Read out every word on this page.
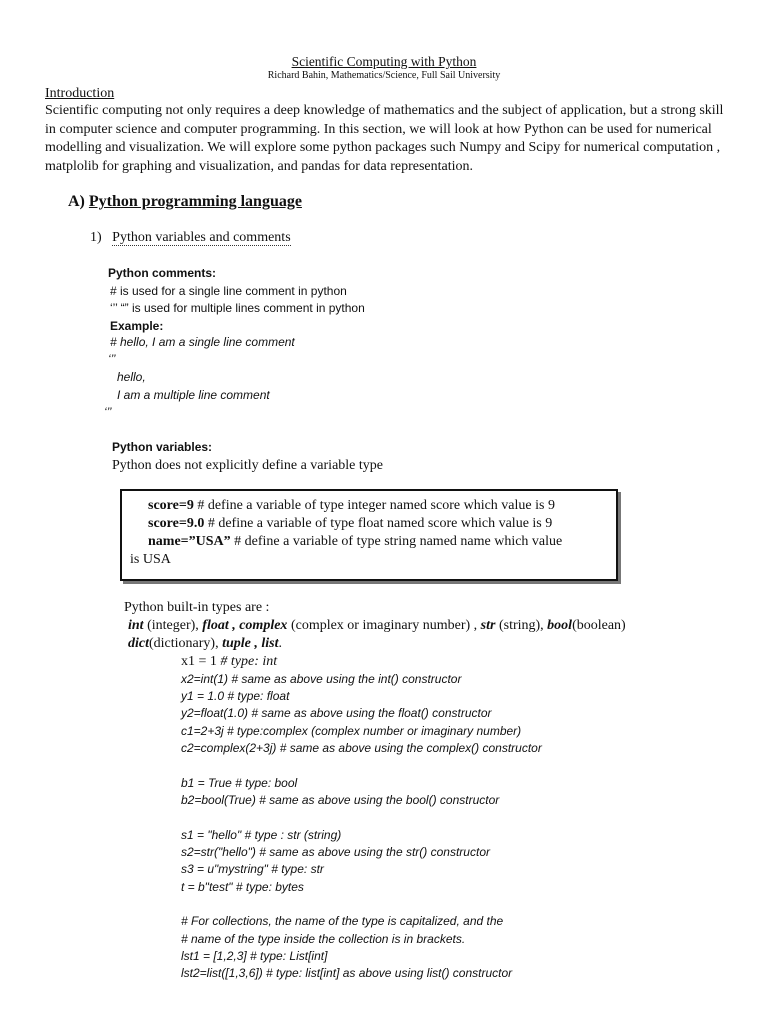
Scientific Computing with Python
Richard Bahin, Mathematics/Science, Full Sail University
Introduction
Scientific computing not only requires a deep knowledge of mathematics and the subject of application, but a strong skill in computer science and computer programming. In this section, we will look at how Python can be used for numerical modelling and visualization. We will explore some python packages such Numpy and Scipy for numerical computation , matplolib for graphing and visualization, and pandas for data representation.
A) Python programming language
1) Python variables and comments
Python comments:
# is used for a single line comment in python
‘’’ “” is used for multiple lines comment in python
Example:
# hello, I am a single line comment
‘’’
hello,
I am a multiple line comment
‘’’
Python variables:
Python does not explicitly define a variable type
score=9 # define a variable of type integer named score which value is 9
score=9.0 # define a variable of type float named score which value is 9
name=”USA” # define a variable of type string named name which value
is USA
Python built-in types are :
int (integer), float , complex (complex or imaginary number) , str (string), bool(boolean)
dict(dictionary), tuple , list.
x1 = 1 # type: int
x2=int(1) # same as above using the int() constructor
y1 = 1.0 # type: float
y2=float(1.0) # same as above using the float() constructor
c1=2+3j # type:complex (complex number or imaginary number)
c2=complex(2+3j) # same as above using the complex() constructor
b1 = True # type: bool
b2=bool(True) # same as above using the bool() constructor
s1 = "hello" # type : str (string)
s2=str("hello") # same as above using the str() constructor
s3 = u"mystring" # type: str
t = b"test" # type: bytes
# For collections, the name of the type is capitalized, and the
# name of the type inside the collection is in brackets.
lst1 = [1,2,3] # type: List[int]
lst2=list([1,3,6]) # type: list[int] as above using list() constructor
